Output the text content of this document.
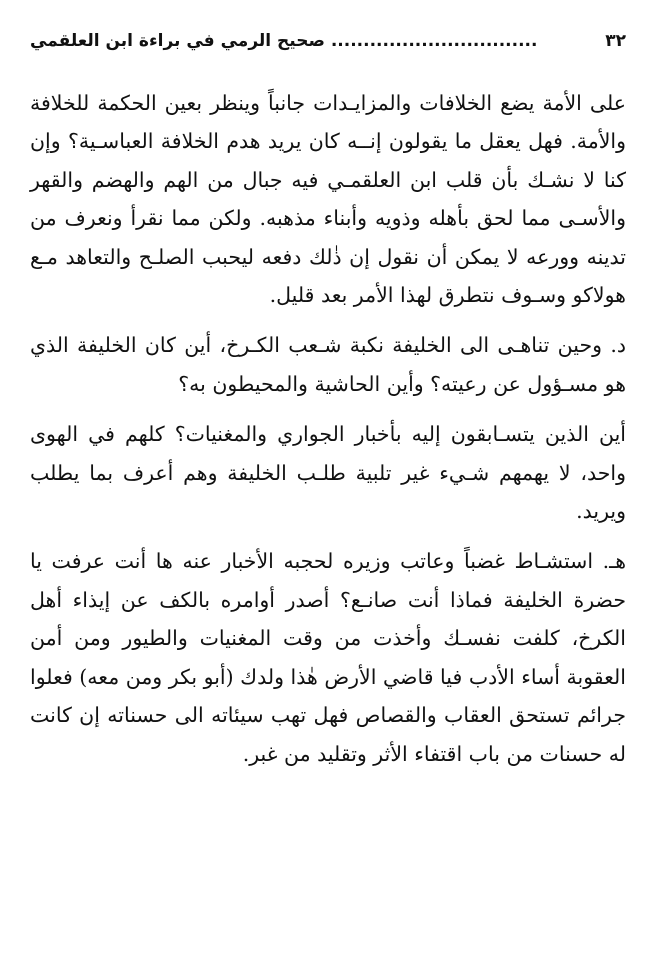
٣٢
................................ صحيح الرمي في براءة ابن العلقمي

على الأمة يضع الخلافات والمزايـدات جانباً وينظر بعين الحكمة للخلافة والأمة. فهل يعقل ما يقولون إنــه كان يريد هدم الخلافة العباسـية؟ وإن كنا لا نشـك بأن قلب ابن العلقمـي فيه جبال من الهم والهضم والقهر والأسـى مما لحق بأهله وذويه وأبناء مذهبه. ولكن مما نقرأ ونعرف من تدينه وورعه لا يمكن أن نقول إن ذٰلك دفعه ليحبب الصلـح والتعاهد مـع هولاكو وسـوف نتطرق لهذا الأمر بعد قليل.

د. وحين تناهـى الى الخليفة نكبة شـعب الكـرخ، أين كان الخليفة الذي هو مسـؤول عن رعيته؟ وأين الحاشية والمحيطون به؟

أين الذين يتسـابقون إليه بأخبار الجواري والمغنيات؟ كلهم في الهوى واحد، لا يهمهم شـيء غير تلبية طلـب الخليفة وهم أعرف بما يطلب ويريد.

هـ. استشـاط غضباً وعاتب وزيره لحجبه الأخبار عنه ها أنت عرفت يا حضرة الخليفة فماذا أنت صانـع؟ أصدر أوامره بالكف عن إيذاء أهل الكرخ، كلفت نفسـك وأخذت من وقت المغنيات والطيور ومن أمن العقوبة أساء الأدب فيا قاضي الأرض هٰذا ولدك (أبو بكر ومن معه) فعلوا جرائم تستحق العقاب والقصاص فهل تهب سيئاته الى حسناته إن كانت له حسنات من باب اقتفاء الأثر وتقليد من غبر.
